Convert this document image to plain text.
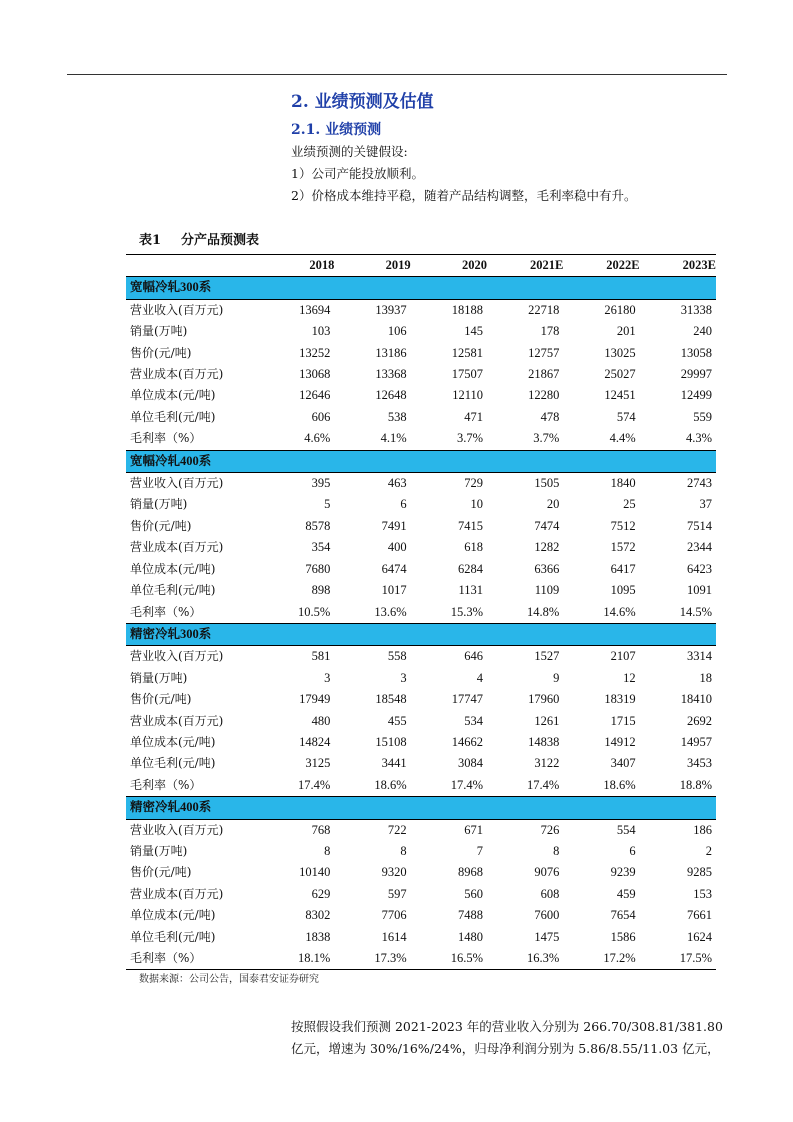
2. 业绩预测及估值
2.1. 业绩预测
业绩预测的关键假设:
1）公司产能投放顺利。
2）价格成本维持平稳，随着产品结构调整，毛利率稳中有升。
表1 分产品预测表
	2018	2019	2020	2021E	2022E	2023E
宽幅冷轧300系						
营业收入(百万元)	13694	13937	18188	22718	26180	31338
销量(万吨)	103	106	145	178	201	240
售价(元/吨)	13252	13186	12581	12757	13025	13058
营业成本(百万元)	13068	13368	17507	21867	25027	29997
单位成本(元/吨)	12646	12648	12110	12280	12451	12499
单位毛利(元/吨)	606	538	471	478	574	559
毛利率（%）	4.6%	4.1%	3.7%	3.7%	4.4%	4.3%
宽幅冷轧400系						
营业收入(百万元)	395	463	729	1505	1840	2743
销量(万吨)	5	6	10	20	25	37
售价(元/吨)	8578	7491	7415	7474	7512	7514
营业成本(百万元)	354	400	618	1282	1572	2344
单位成本(元/吨)	7680	6474	6284	6366	6417	6423
单位毛利(元/吨)	898	1017	1131	1109	1095	1091
毛利率（%）	10.5%	13.6%	15.3%	14.8%	14.6%	14.5%
精密冷轧300系						
营业收入(百万元)	581	558	646	1527	2107	3314
销量(万吨)	3	3	4	9	12	18
售价(元/吨)	17949	18548	17747	17960	18319	18410
营业成本(百万元)	480	455	534	1261	1715	2692
单位成本(元/吨)	14824	15108	14662	14838	14912	14957
单位毛利(元/吨)	3125	3441	3084	3122	3407	3453
毛利率（%）	17.4%	18.6%	17.4%	17.4%	18.6%	18.8%
精密冷轧400系						
营业收入(百万元)	768	722	671	726	554	186
销量(万吨)	8	8	7	8	6	2
售价(元/吨)	10140	9320	8968	9076	9239	9285
营业成本(百万元)	629	597	560	608	459	153
单位成本(元/吨)	8302	7706	7488	7600	7654	7661
单位毛利(元/吨)	1838	1614	1480	1475	1586	1624
毛利率（%）	18.1%	17.3%	16.5%	16.3%	17.2%	17.5%
数据来源：公司公告，国泰君安证券研究
按照假设我们预测 2021-2023 年的营业收入分别为 266.70/308.81/381.80
亿元，增速为 30%/16%/24%，归母净利润分别为 5.86/8.55/11.03 亿元，
